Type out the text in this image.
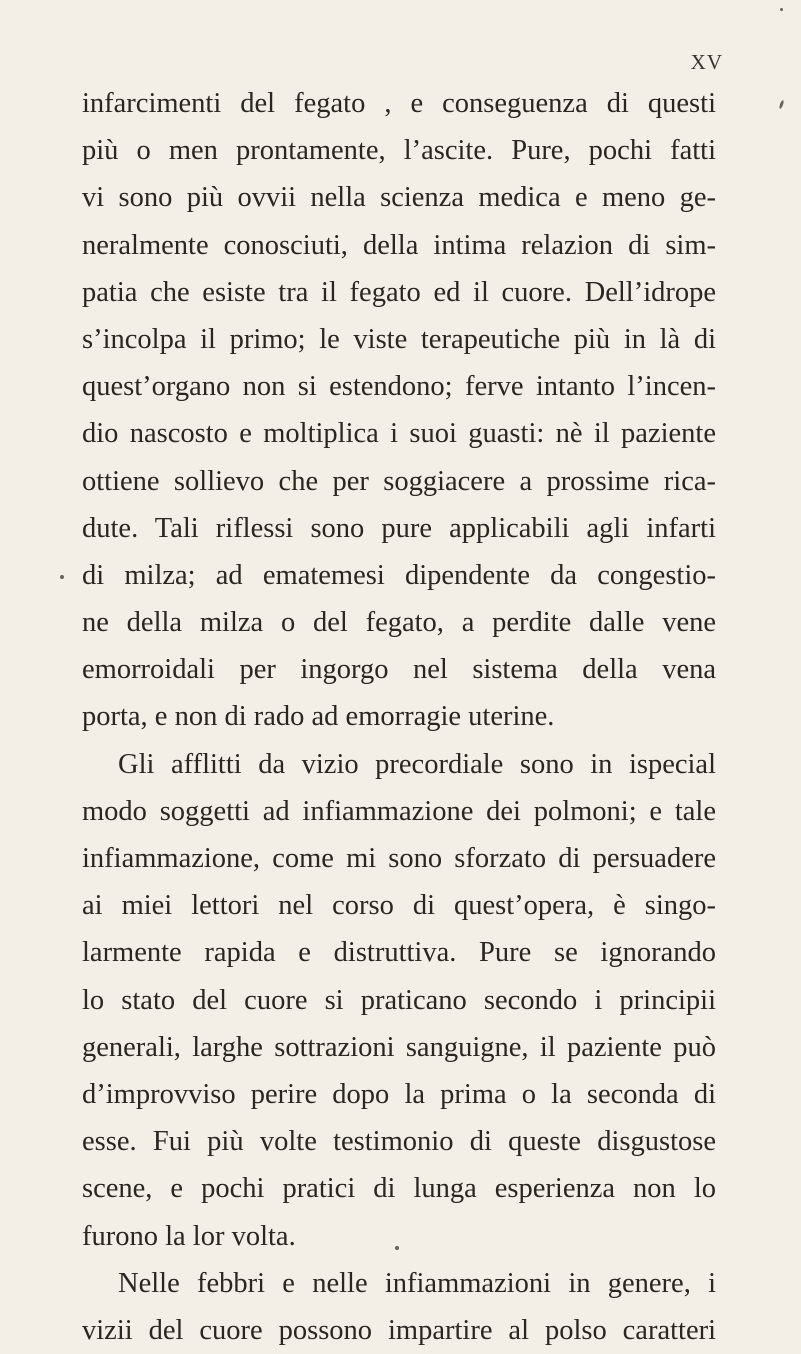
XV
infarcimenti del fegato , e conseguenza di questi
più o men prontamente, l’ascite. Pure, pochi fatti
vi sono più ovvii nella scienza medica e meno ge-
neralmente conosciuti, della intima relazion di sim-
patia che esiste tra il fegato ed il cuore. Dell’idrope
s’incolpa il primo; le viste terapeutiche più in là di
quest’organo non si estendono; ferve intanto l’incen-
dio nascosto e moltiplica i suoi guasti: nè il paziente
ottiene sollievo che per soggiacere a prossime rica-
dute. Tali riflessi sono pure applicabili agli infarti
di milza; ad ematemesi dipendente da congestio-
ne della milza o del fegato, a perdite dalle vene
emorroidali per ingorgo nel sistema della vena
porta, e non di rado ad emorragie uterine.
Gli afflitti da vizio precordiale sono in ispecial
modo soggetti ad infiammazione dei polmoni; e tale
infiammazione, come mi sono sforzato di persuadere
ai miei lettori nel corso di quest’opera, è singo-
larmente rapida e distruttiva. Pure se ignorando
lo stato del cuore si praticano secondo i principii
generali, larghe sottrazioni sanguigne, il paziente può
d’improvviso perire dopo la prima o la seconda di
esse. Fui più volte testimonio di queste disgustose
scene, e pochi pratici di lunga esperienza non lo
furono la lor volta.
Nelle febbri e nelle infiammazioni in genere, i
vizii del cuore possono impartire al polso caratteri
